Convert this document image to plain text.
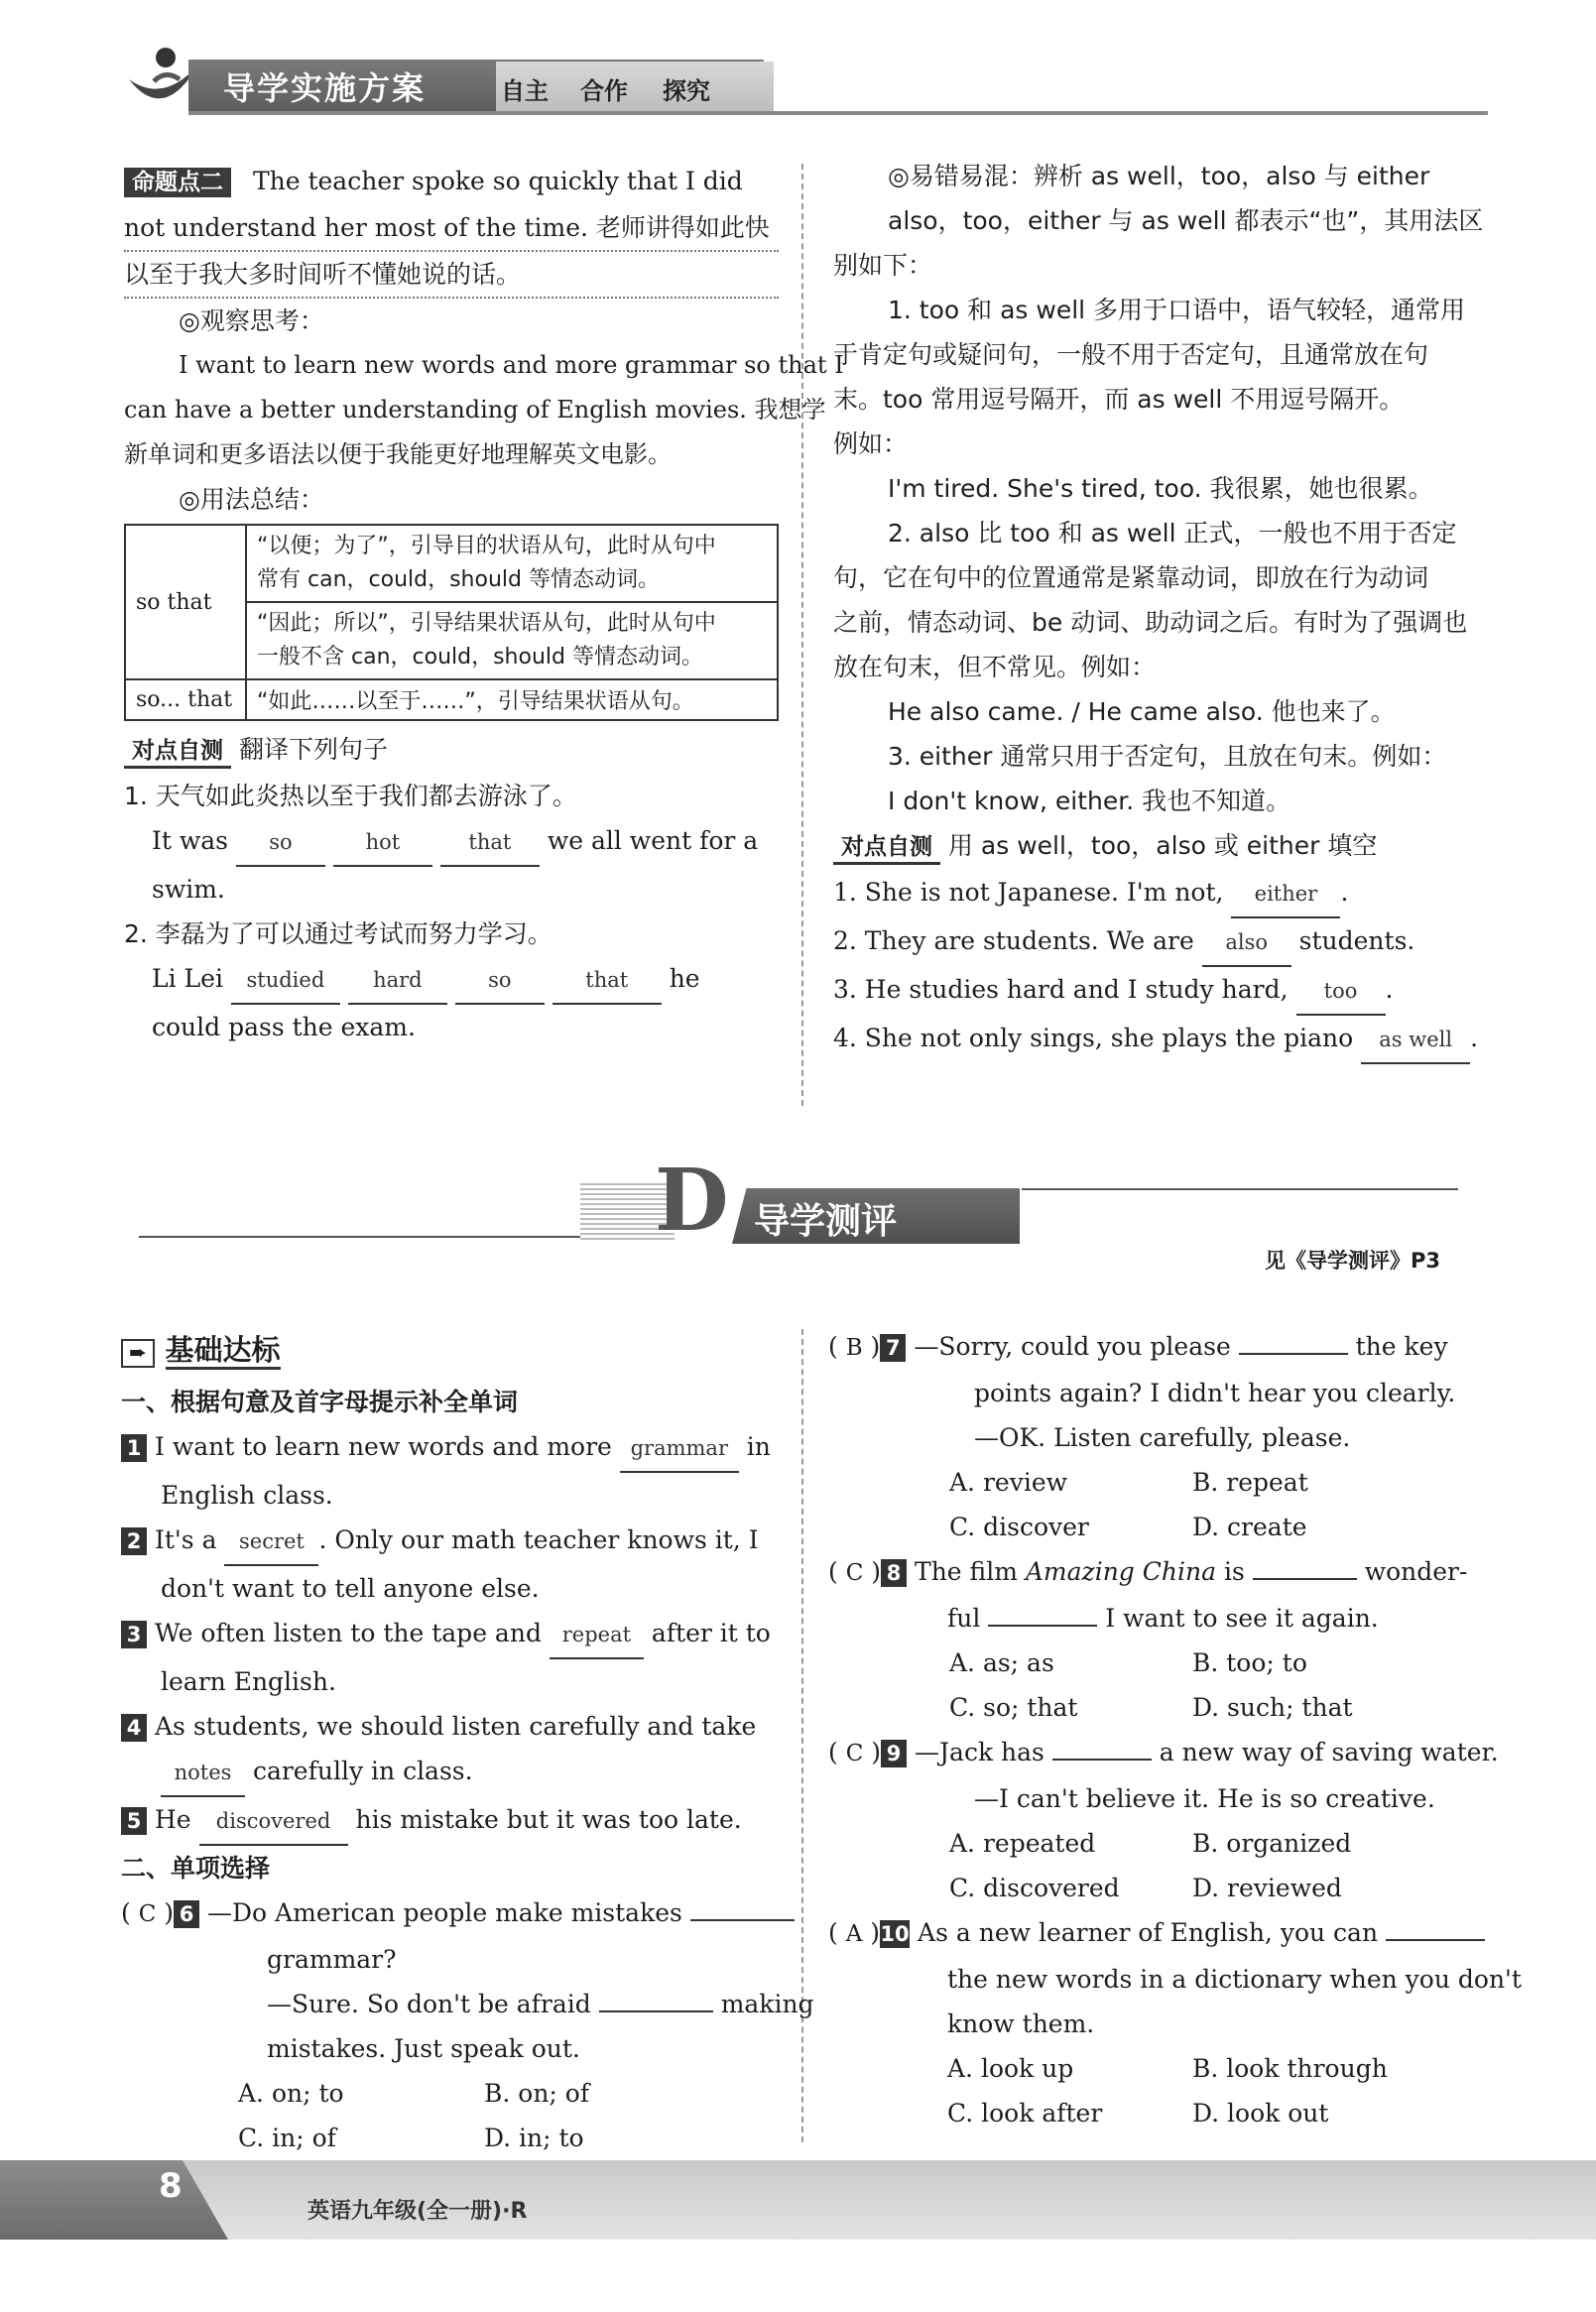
导学实施方案	自主 合作 探究
命题点二 The teacher spoke so quickly that I did
not understand her most of the time. 老师讲得如此快
以至于我大多时间听不懂她说的话。
◎观察思考：
I want to learn new words and more grammar so that I
can have a better understanding of English movies. 我想学
新单词和更多语法以便于我能更好地理解英文电影。
◎用法总结：
so that	“以便；为了”，引导目的状语从句，此时从句中
常有 can，could，should 等情态动词。

	“因此；所以”，引导结果状语从句，此时从句中
一般不含 can，could，should 等情态动词。

so... that	“如此……以至于……”，引导结果状语从句。
对点自测 翻译下列句子
1. 天气如此炎热以至于我们都去游泳了。
It was so	hot	that we all went for a
swim.
2. 李磊为了可以通过考试而努力学习。
Li Lei studied hard	so	that he
could pass the exam.
◎易错易混：辨析 as well，too，also 与 either
also，too，either 与 as well 都表示“也”，其用法区
别如下：
1. too 和 as well 多用于口语中，语气较轻，通常用
于肯定句或疑问句，一般不用于否定句，且通常放在句
末。too 常用逗号隔开，而 as well 不用逗号隔开。
例如：
I'm tired. She's tired, too. 我很累，她也很累。
2. also 比 too 和 as well 正式，一般也不用于否定
句，它在句中的位置通常是紧靠动词，即放在行为动词
之前，情态动词、be 动词、助动词之后。有时为了强调也
放在句末，但不常见。例如：
He also came. / He came also. 他也来了。
3. either 通常只用于否定句，且放在句末。例如：
I don't know, either. 我也不知道。
对点自测 用 as well，too，also 或 either 填空
1. She is not Japanese. I'm not, either .
2. They are students. We are also students.
3. He studies hard and I study hard, too .
4. She not only sings, she plays the piano as well .
D 导学测评
见《导学测评》P3
➨ 基础达标
一、根据句意及首字母提示补全单词
1 I want to learn new words and more grammar in
English class.
2 It's a secret . Only our math teacher knows it, I
don't want to tell anyone else.
3 We often listen to the tape and repeat after it to
learn English.
4 As students, we should listen carefully and take
notes carefully in class.
5 He discovered his mistake but it was too late.
二、单项选择
( C ) 6 —Do American people make mistakes
grammar?
—Sure. So don't be afraid	making
mistakes. Just speak out.
A. on; to	B. on; of
C. in; of	D. in; to
( B ) 7 —Sorry, could you please	the key
points again? I didn't hear you clearly.
—OK. Listen carefully, please.
A. review	B. repeat
C. discover	D. create
( C ) 8 The film Amazing China is	wonder-
ful	I want to see it again.
A. as; as	B. too; to
C. so; that	D. such; that
( C ) 9 —Jack has	a new way of saving water.
—I can't believe it. He is so creative.
A. repeated	B. organized
C. discovered	D. reviewed
( A )10 As a new learner of English, you can
the new words in a dictionary when you don't
know them.
A. look up	B. look through
C. look after	D. look out
8
英语九年级(全一册)·R
